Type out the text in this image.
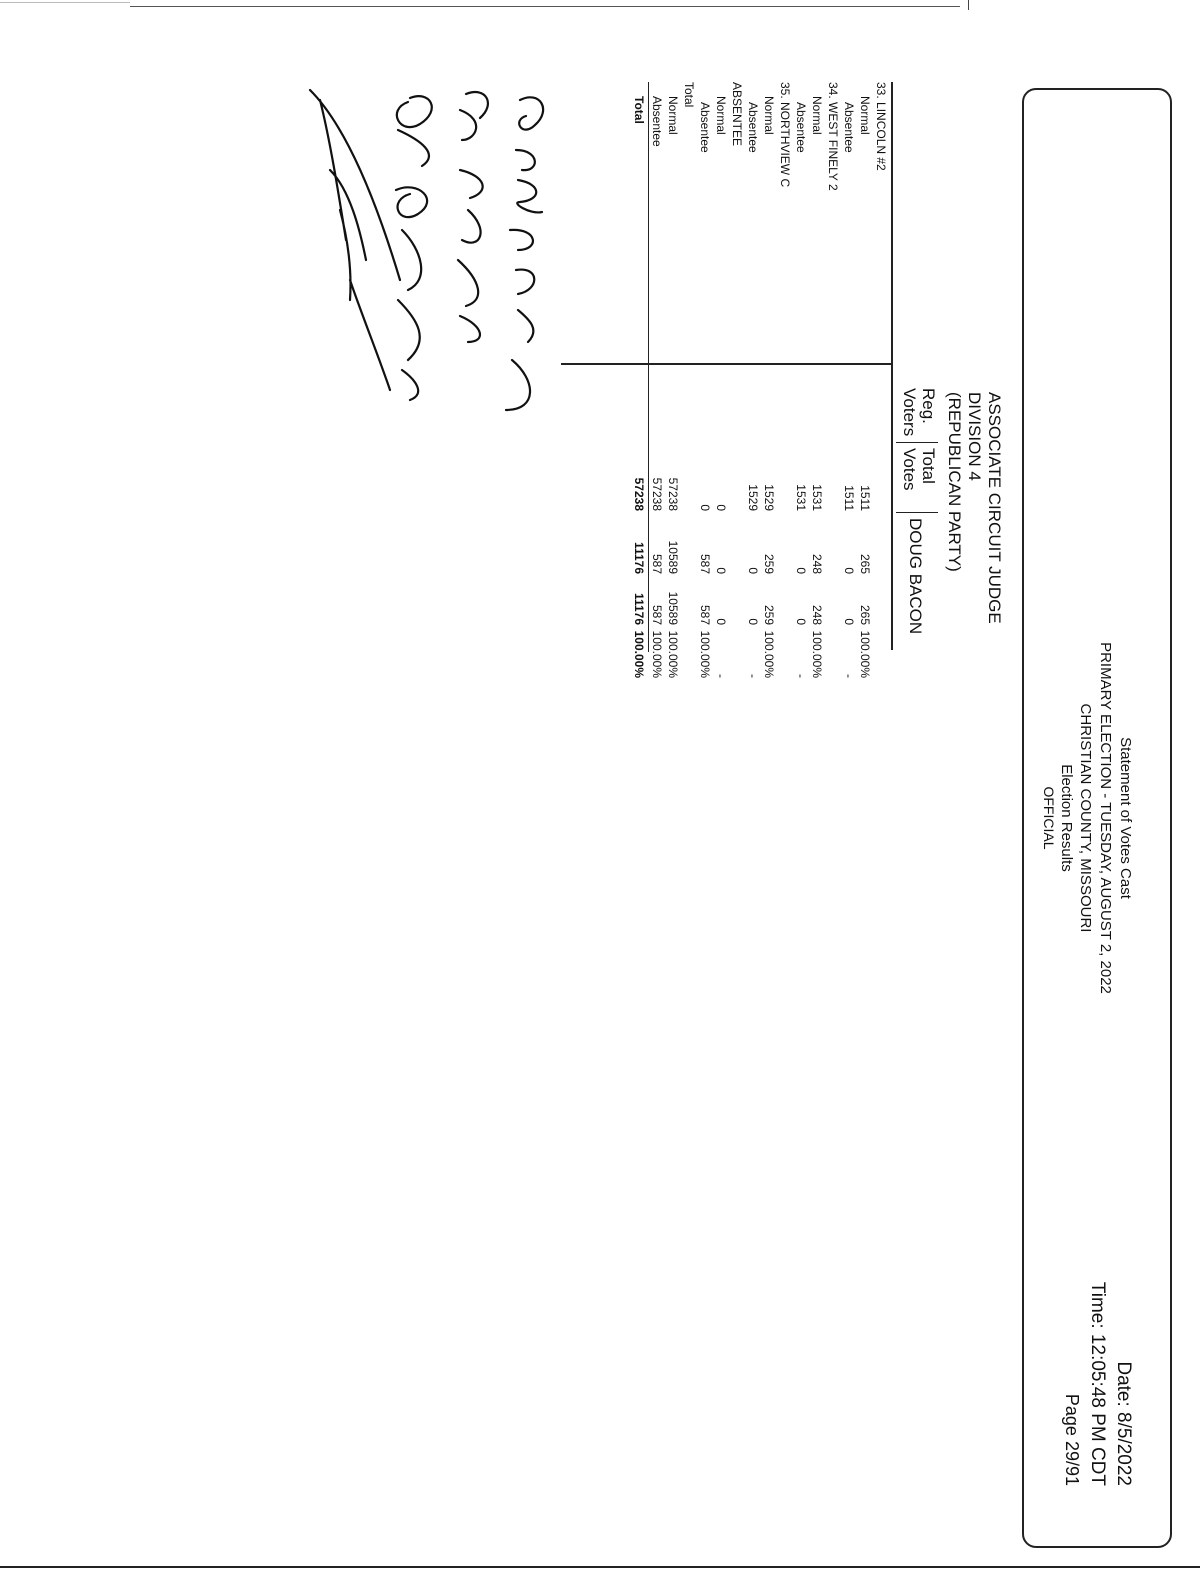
Statement of Votes Cast
PRIMARY ELECTION - TUESDAY, AUGUST 2, 2022
CHRISTIAN COUNTY, MISSOURI
Election Results
OFFICIAL
Date: 8/5/2022
Time: 12:05:48 PM CDT
Page 29/91
ASSOCIATE CIRCUIT JUDGE
DIVISION 4
(REPUBLICAN PARTY)
Reg.
Voters
Total
Votes
DOUG BACON
33. LINCOLN #2
Normal
1511
265
265
100.00%
Absentee
1511
0
0
-
34. WEST FINELY 2
Normal
1531
248
248
100.00%
Absentee
1531
0
0
-
35. NORTHVIEW C
Normal
1529
259
259
100.00%
Absentee
1529
0
0
-
ABSENTEE
Normal
0
0
0
-
Absentee
0
587
587
100.00%
Total
Normal
57238
10589
10589
100.00%
Absentee
57238
587
587
100.00%
Total
57238
11176
11176
100.00%
